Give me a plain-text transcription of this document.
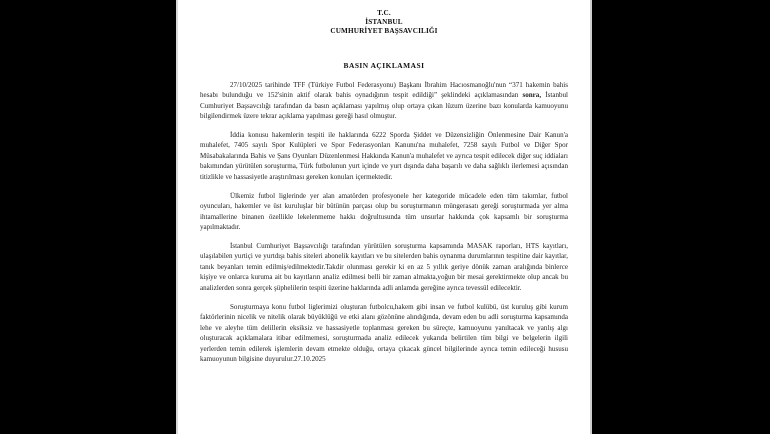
T.C.
İSTANBUL
CUMHURİYET BAŞSAVCILIĞI
BASIN AÇIKLAMASI

27/10/2025 tarihinde TFF (Türkiye Futbol Federasyonu) Başkanı İbrahim Hacıosmanoğlu'nun “371 hakemin bahis hesabı bulunduğu ve 152'sinin aktif olarak bahis oynadığının tespit edildiği” şeklindeki açıklamasından sonra, İstanbul Cumhuriyet Başsavcılığı tarafından da basın açıklaması yapılmış olup ortaya çıkan lüzum üzerine bazı konularda kamuoyunu bilgilendirmek üzere tekrar açıklama yapılması gereği hasıl olmuştur.

İddia konusu hakemlerin tespiti ile haklarında 6222 Sporda Şiddet ve Düzensizliğin Önlenmesine Dair Kanun'a muhalefet, 7405 sayılı Spor Kulüpleri ve Spor Federasyonları Kanunu'na muhalefet, 7258 sayılı Futbol ve Diğer Spor Müsabakalarında Bahis ve Şans Oyunları Düzenlenmesi Hakkında Kanun'a muhalefet ve ayrıca tespit edilecek diğer suç iddiaları bakımından yürütülen soruşturma, Türk futbolunun yurt içinde ve yurt dışında daha başarılı ve daha sağlıklı ilerlemesi açısından titizlikle ve hassasiyetle araştırılması gereken konuları içermektedir.

Ülkemiz futbol liglerinde yer alan amatörden profesyonele her kategoride mücadele eden tüm takımlar, futbol oyuncuları, hakemler ve üst kuruluşlar bir bütünün parçası olup bu soruşturmanın müngerasatı gereği soruşturmada yer alma ihtamallerine binanen özellikle lekelenmeme hakkı doğrultusunda tüm unsurlar hakkında çok kapsamlı bir soruşturma yapılmaktadır.

İstanbul Cumhuriyet Başsavcılığı tarafından yürütülen soruşturma kapsamında MASAK raporları, HTS kayıtları, ulaşılabilen yurtiçi ve yurtdışı bahis siteleri abonelik kayıtları ve bu sitelerden bahis oynanma durumlarının tespitine dair kayıtlar, tanık beyanları temin edilmiş/edilmektedir.Takdir olunması gerekir ki en az 5 yıllık geriye dönük zaman aralığında binlerce kişiye ve onlarca kuruma ait bu kayıtların analiz edilmesi belli bir zaman almakta,yoğun bir mesai gerektirmekte olup ancak bu analizlerden sonra gerçek şüphelilerin tespiti üzerine haklarında adli anlamda gereğine ayrıca tevessül edilecektir.

Soruşturmaya konu futbol liglerimizi oluşturan futbolcu,hakem gibi insan ve futbol kulübü, üst kuruluş gibi kurum faktörlerinin nicelik ve nitelik olarak büyüklüğü ve etki alanı gözönüne alındığında, devam eden bu adli soruşturma kapsamında lehe ve aleyhe tüm delillerin eksiksiz ve hassasiyetle toplanması gereken bu süreçte, kamuoyunu yanıltacak ve yanlış algı oluşturacak açıklamalara itibar edilmemesi, soruşturmada analiz edilecek yukarıda belirtilen tüm bilgi ve belgelerin ilgili yerlerden temin edilerek işlemlerin devam etmekte olduğu, ortaya çıkacak güncel bilgilerinde ayrıca temin edileceği hususu kamuoyunun bilgisine duyurulur.27.10.2025
